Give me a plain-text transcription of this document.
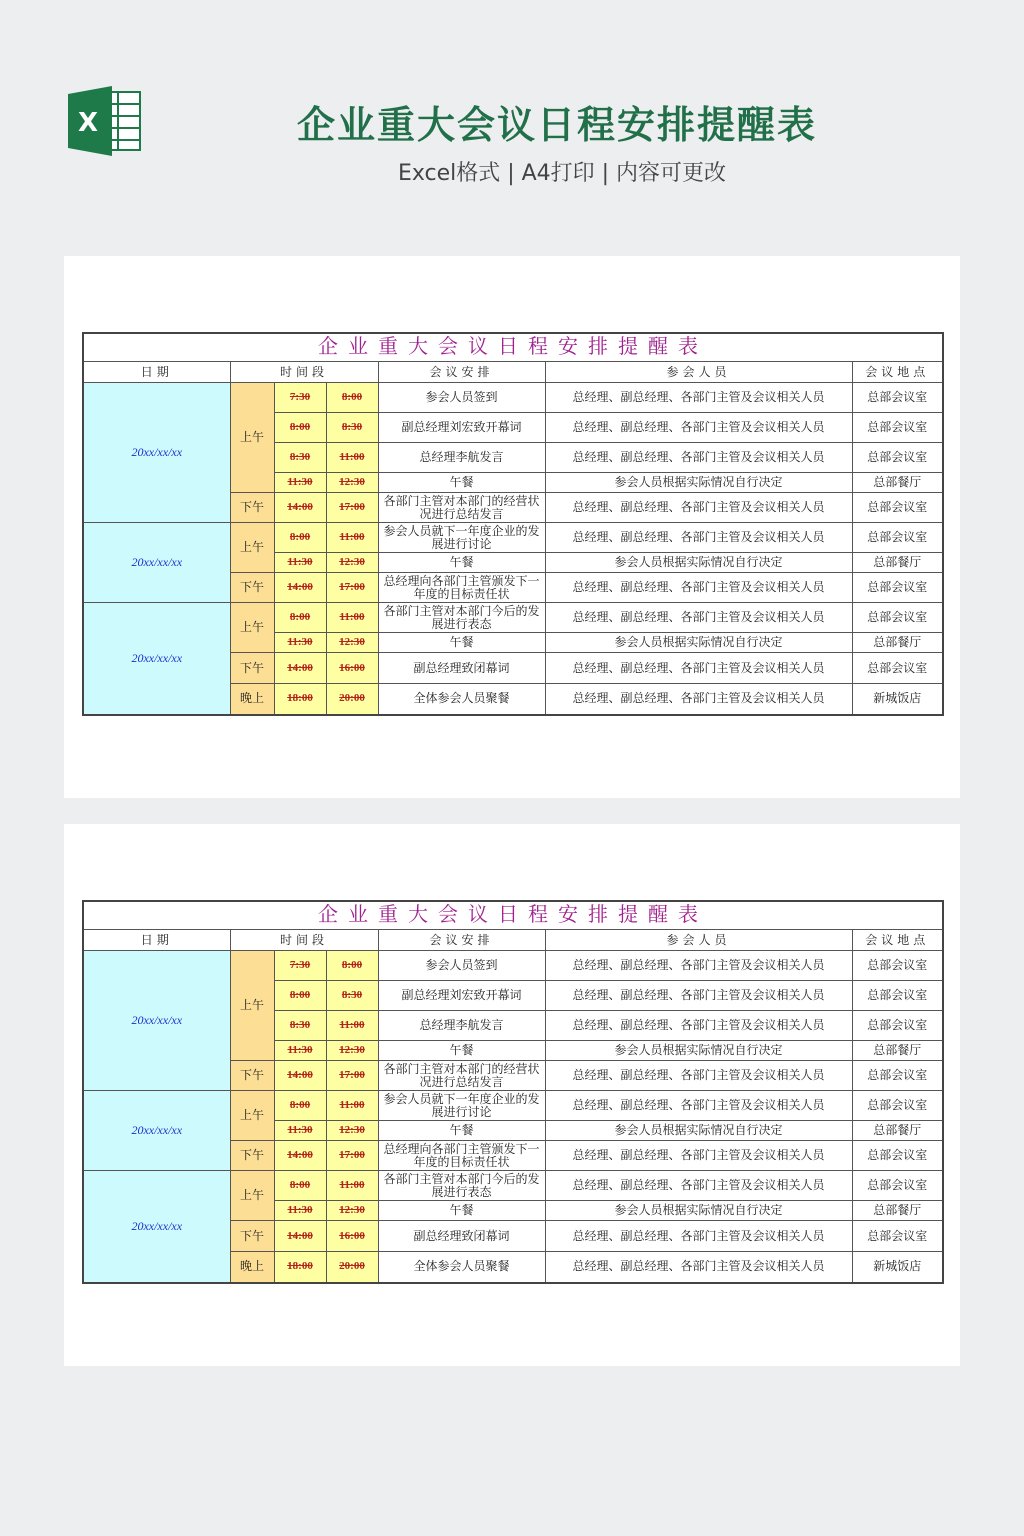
X	企业重大会议日程安排提醒表
Excel格式 | A4打印 | 内容可更改
企业重大会议日程安排提醒表						
日期	时间段			会议安排	参会人员	会议地点
20xx/xx/xx	上午	7:30	8:00	参会人员签到	总经理、副总经理、各部门主管及会议相关人员	总部会议室
		8:00	8:30	副总经理刘宏致开幕词	总经理、副总经理、各部门主管及会议相关人员	总部会议室
		8:30	11:00	总经理李航发言	总经理、副总经理、各部门主管及会议相关人员	总部会议室
		11:30	12:30	午餐	参会人员根据实际情况自行决定	总部餐厅
	下午	14:00	17:00	各部门主管对本部门的经营状况进行总结发言	总经理、副总经理、各部门主管及会议相关人员	总部会议室
20xx/xx/xx	上午	8:00	11:00	参会人员就下一年度企业的发展进行讨论	总经理、副总经理、各部门主管及会议相关人员	总部会议室
		11:30	12:30	午餐	参会人员根据实际情况自行决定	总部餐厅
	下午	14:00	17:00	总经理向各部门主管颁发下一年度的目标责任状	总经理、副总经理、各部门主管及会议相关人员	总部会议室
20xx/xx/xx	上午	8:00	11:00	各部门主管对本部门今后的发展进行表态	总经理、副总经理、各部门主管及会议相关人员	总部会议室
		11:30	12:30	午餐	参会人员根据实际情况自行决定	总部餐厅
	下午	14:00	16:00	副总经理致闭幕词	总经理、副总经理、各部门主管及会议相关人员	总部会议室
	晚上	18:00	20:00	全体参会人员聚餐	总经理、副总经理、各部门主管及会议相关人员	新城饭店
企业重大会议日程安排提醒表						
日期	时间段			会议安排	参会人员	会议地点
20xx/xx/xx	上午	7:30	8:00	参会人员签到	总经理、副总经理、各部门主管及会议相关人员	总部会议室
		8:00	8:30	副总经理刘宏致开幕词	总经理、副总经理、各部门主管及会议相关人员	总部会议室
		8:30	11:00	总经理李航发言	总经理、副总经理、各部门主管及会议相关人员	总部会议室
		11:30	12:30	午餐	参会人员根据实际情况自行决定	总部餐厅
	下午	14:00	17:00	各部门主管对本部门的经营状况进行总结发言	总经理、副总经理、各部门主管及会议相关人员	总部会议室
20xx/xx/xx	上午	8:00	11:00	参会人员就下一年度企业的发展进行讨论	总经理、副总经理、各部门主管及会议相关人员	总部会议室
		11:30	12:30	午餐	参会人员根据实际情况自行决定	总部餐厅
	下午	14:00	17:00	总经理向各部门主管颁发下一年度的目标责任状	总经理、副总经理、各部门主管及会议相关人员	总部会议室
20xx/xx/xx	上午	8:00	11:00	各部门主管对本部门今后的发展进行表态	总经理、副总经理、各部门主管及会议相关人员	总部会议室
		11:30	12:30	午餐	参会人员根据实际情况自行决定	总部餐厅
	下午	14:00	16:00	副总经理致闭幕词	总经理、副总经理、各部门主管及会议相关人员	总部会议室
	晚上	18:00	20:00	全体参会人员聚餐	总经理、副总经理、各部门主管及会议相关人员	新城饭店
